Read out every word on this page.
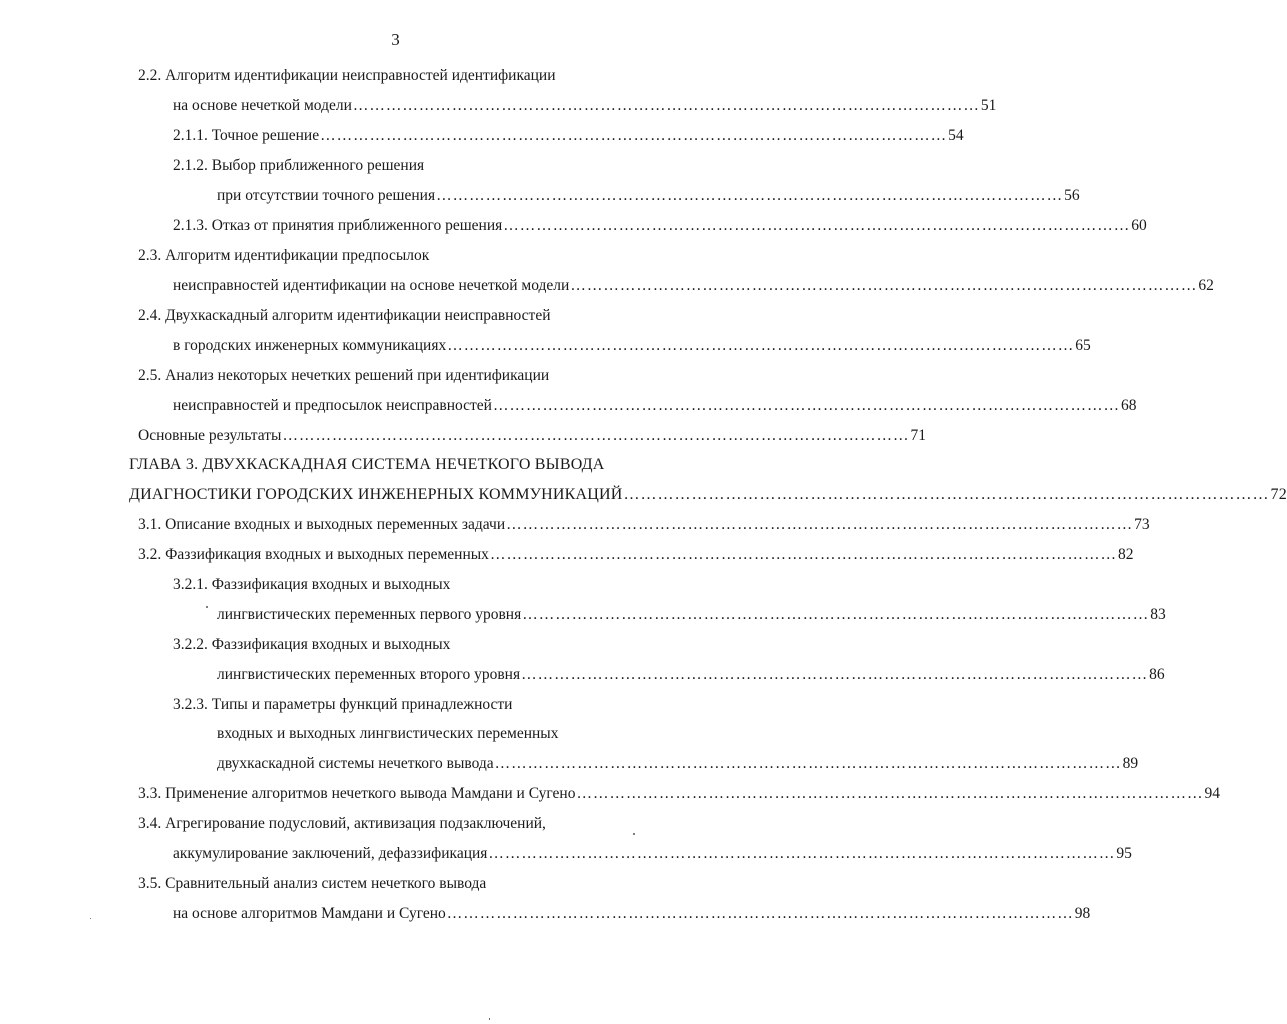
3
2.2. Алгоритм идентификации неисправностей идентификации
на основе нечеткой модели …………………………………………………………………………………………………… 51
2.1.1. Точное решение …………………………………………………………………………………………………… 54
2.1.2. Выбор приближенного решения
при отсутствии точного решения …………………………………………………………………………………………………… 56
2.1.3. Отказ от принятия приближенного решения …………………………………………………………………………………………………… 60
2.3. Алгоритм идентификации предпосылок
неисправностей идентификации на основе нечеткой модели …………………………………………………………………………………………………… 62
2.4. Двухкаскадный алгоритм идентификации неисправностей
в городских инженерных коммуникациях …………………………………………………………………………………………………… 65
2.5. Анализ некоторых нечетких решений при идентификации
неисправностей и предпосылок неисправностей …………………………………………………………………………………………………… 68
Основные результаты …………………………………………………………………………………………………… 71
ГЛАВА 3. ДВУХКАСКАДНАЯ СИСТЕМА НЕЧЕТКОГО ВЫВОДА
ДИАГНОСТИКИ ГОРОДСКИХ ИНЖЕНЕРНЫХ КОММУНИКАЦИЙ …………………………………………………………………………………………………… 72
3.1. Описание входных и выходных переменных задачи …………………………………………………………………………………………………… 73
3.2. Фаззификация входных и выходных переменных …………………………………………………………………………………………………… 82
3.2.1. Фаззификация входных и выходных
лингвистических переменных первого уровня …………………………………………………………………………………………………… 83
3.2.2. Фаззификация входных и выходных
лингвистических переменных второго уровня …………………………………………………………………………………………………… 86
3.2.3. Типы и параметры функций принадлежности
входных и выходных лингвистических переменных
двухкаскадной системы нечеткого вывода …………………………………………………………………………………………………… 89
3.3. Применение алгоритмов нечеткого вывода Мамдани и Сугено …………………………………………………………………………………………………… 94
3.4. Агрегирование подусловий, активизация подзаключений,
аккумулирование заключений, дефаззификация …………………………………………………………………………………………………… 95
3.5. Сравнительный анализ систем нечеткого вывода
на основе алгоритмов Мамдани и Сугено …………………………………………………………………………………………………… 98
